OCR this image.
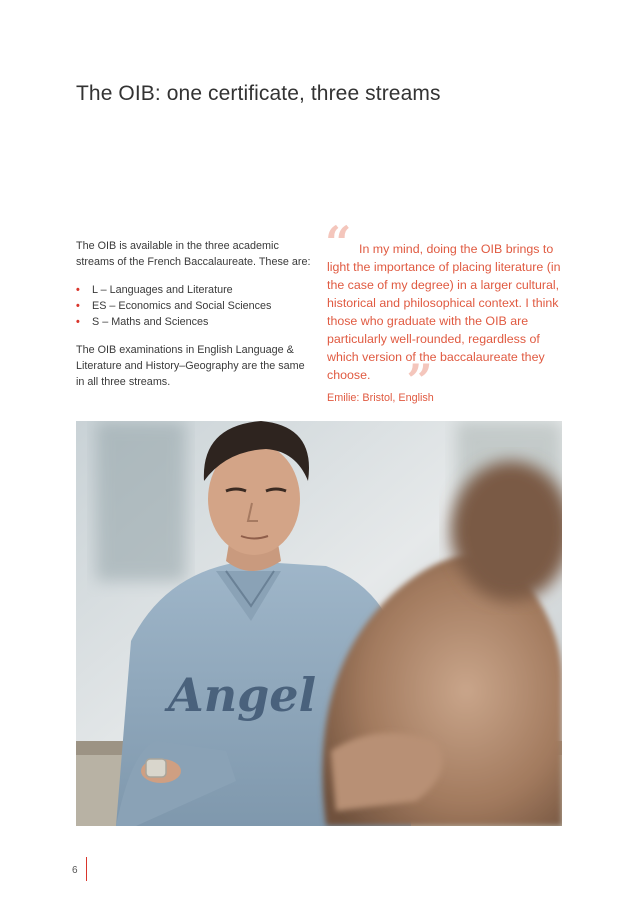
The OIB: one certificate, three streams

The OIB is available in the three academic streams of the French Baccalaureate. These are:

• L – Languages and Literature
• ES – Economics and Social Sciences
• S – Maths and Sciences

The OIB examinations in English Language & Literature and History–Geography are the same in all three streams.

“ In my mind, doing the OIB brings to light the importance of placing literature (in the case of my degree) in a larger cultural, historical and philosophical context. I think those who graduate with the OIB are particularly well-rounded, regardless of which version of the baccalaureate they choose. ”

Emilie: Bristol, English
Angel
6
